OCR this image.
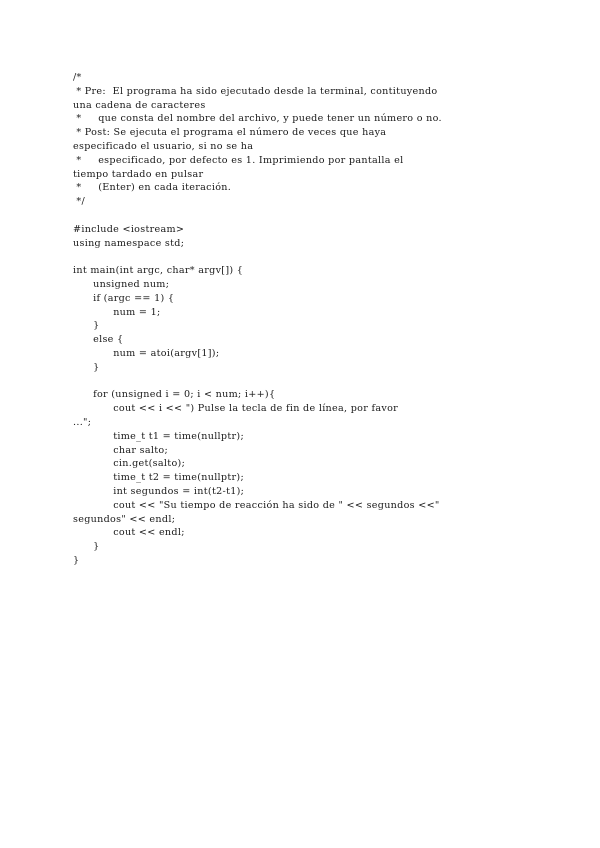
/*
* Pre:  El programa ha sido ejecutado desde la terminal, contituyendo
una cadena de caracteres
*     que consta del nombre del archivo, y puede tener un número o no.
* Post: Se ejecuta el programa el número de veces que haya
especificado el usuario, si no se ha
*     especificado, por defecto es 1. Imprimiendo por pantalla el
tiempo tardado en pulsar
*     (Enter) en cada iteración.
*/
#include <iostream>
using namespace std;
int main(int argc, char* argv[]) {
unsigned num;
if (argc == 1) {
num = 1;
}
else {
num = atoi(argv[1]);
}
for (unsigned i = 0; i < num; i++){
cout << i << ") Pulse la tecla de fin de línea, por favor
...";
time_t t1 = time(nullptr);
char salto;
cin.get(salto);
time_t t2 = time(nullptr);
int segundos = int(t2-t1);
cout << "Su tiempo de reacción ha sido de " << segundos <<"
segundos" << endl;
cout << endl;
}
}
